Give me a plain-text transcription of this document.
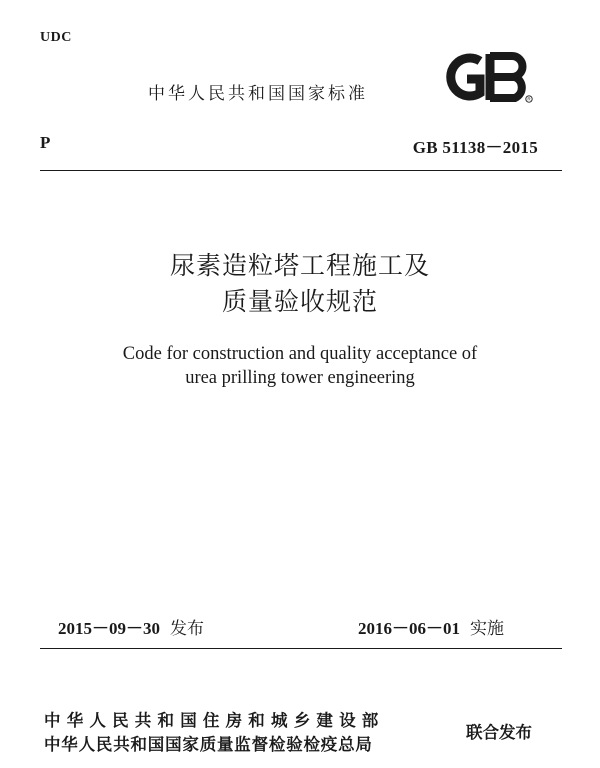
UDC
中华人民共和国国家标准	R
P	GB 51138－2015
尿素造粒塔工程施工及
质量验收规范
Code for construction and quality acceptance of
urea prilling tower engineering
2015－09－30 发布	2016－06－01 实施
中华人民共和国住房和城乡建设部
中华人民共和国国家质量监督检验检疫总局
联合发布
